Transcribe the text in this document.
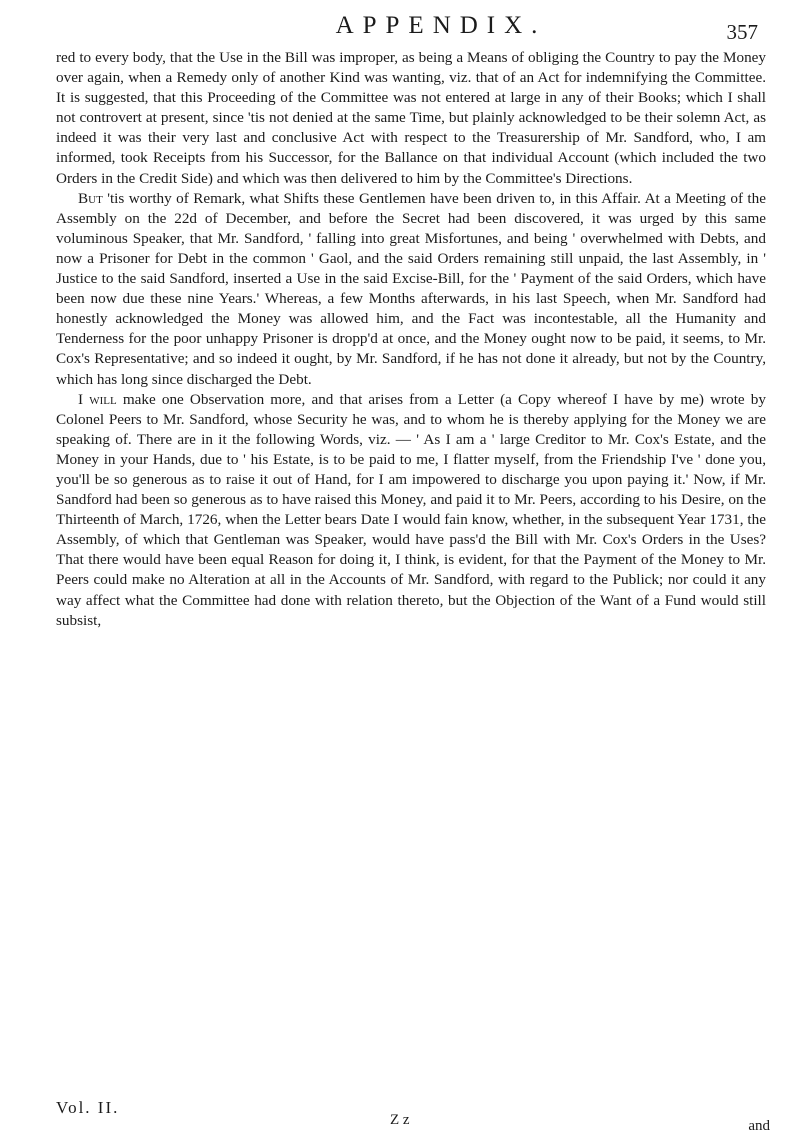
APPENDIX.	357

red to every body, that the Use in the Bill was improper, as being a Means of obliging the Country to pay the Money over again, when a Remedy only of another Kind was wanting, viz. that of an Act for indemnifying the Committee. It is suggested, that this Proceeding of the Committee was not entered at large in any of their Books; which I shall not controvert at present, since 'tis not denied at the same Time, but plainly acknowledged to be their solemn Act, as indeed it was their very last and conclusive Act with respect to the Treasurership of Mr. Sandford, who, I am informed, took Receipts from his Successor, for the Ballance on that individual Account (which included the two Orders in the Credit Side) and which was then delivered to him by the Committee's Directions.

But 'tis worthy of Remark, what Shifts these Gentlemen have been driven to, in this Affair. At a Meeting of the Assembly on the 22d of December, and before the Secret had been discovered, it was urged by this same voluminous Speaker, that Mr. Sandford, ' falling into great Misfortunes, and being ' overwhelmed with Debts, and now a Prisoner for Debt in the common ' Gaol, and the said Orders remaining still unpaid, the last Assembly, in ' Justice to the said Sandford, inserted a Use in the said Excise-Bill, for the ' Payment of the said Orders, which have been now due these nine Years.' Whereas, a few Months afterwards, in his last Speech, when Mr. Sandford had honestly acknowledged the Money was allowed him, and the Fact was incontestable, all the Humanity and Tenderness for the poor unhappy Prisoner is dropp'd at once, and the Money ought now to be paid, it seems, to Mr. Cox's Representative; and so indeed it ought, by Mr. Sandford, if he has not done it already, but not by the Country, which has long since discharged the Debt.

I will make one Observation more, and that arises from a Letter (a Copy whereof I have by me) wrote by Colonel Peers to Mr. Sandford, whose Security he was, and to whom he is thereby applying for the Money we are speaking of. There are in it the following Words, viz. — ' As I am a ' large Creditor to Mr. Cox's Estate, and the Money in your Hands, due to ' his Estate, is to be paid to me, I flatter myself, from the Friendship I've ' done you, you'll be so generous as to raise it out of Hand, for I am impowered to discharge you upon paying it.' Now, if Mr. Sandford had been so generous as to have raised this Money, and paid it to Mr. Peers, according to his Desire, on the Thirteenth of March, 1726, when the Letter bears Date I would fain know, whether, in the subsequent Year 1731, the Assembly, of which that Gentleman was Speaker, would have pass'd the Bill with Mr. Cox's Orders in the Uses? That there would have been equal Reason for doing it, I think, is evident, for that the Payment of the Money to Mr. Peers could make no Alteration at all in the Accounts of Mr. Sandford, with regard to the Publick; nor could it any way affect what the Committee had done with relation thereto, but the Objection of the Want of a Fund would still subsist,

Vol. II.
Z z	and
